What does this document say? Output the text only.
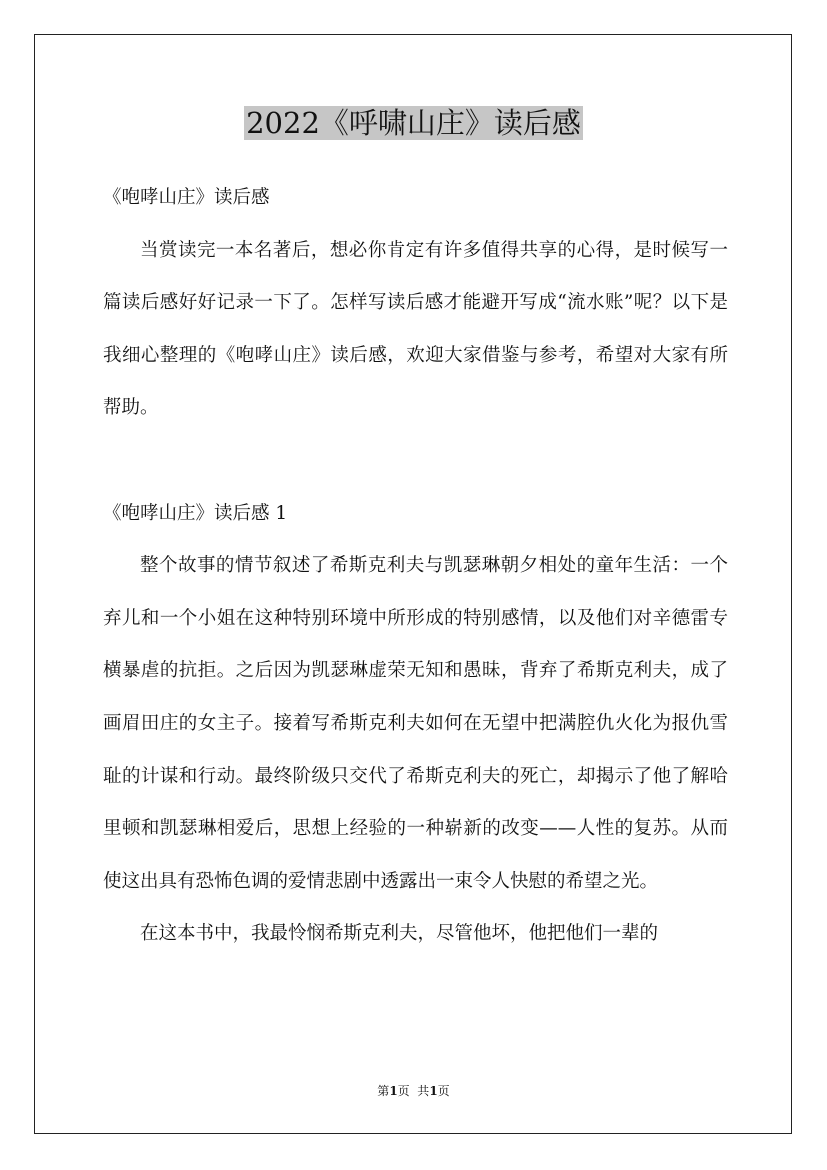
2022《呼啸山庄》读后感

《咆哮山庄》读后感

当赏读完一本名著后，想必你肯定有许多值得共享的心得，是时候写一篇读后感好好记录一下了。怎样写读后感才能避开写成“流水账”呢？以下是我细心整理的《咆哮山庄》读后感，欢迎大家借鉴与参考，希望对大家有所帮助。

《咆哮山庄》读后感 1

整个故事的情节叙述了希斯克利夫与凯瑟琳朝夕相处的童年生活：一个弃儿和一个小姐在这种特别环境中所形成的特别感情，以及他们对辛德雷专横暴虐的抗拒。之后因为凯瑟琳虚荣无知和愚昧，背弃了希斯克利夫，成了画眉田庄的女主子。接着写希斯克利夫如何在无望中把满腔仇火化为报仇雪耻的计谋和行动。最终阶级只交代了希斯克利夫的死亡，却揭示了他了解哈里顿和凯瑟琳相爱后，思想上经验的一种崭新的改变——人性的复苏。从而使这出具有恐怖色调的爱情悲剧中透露出一束令人快慰的希望之光。

在这本书中，我最怜悯希斯克利夫，尽管他坏，他把他们一辈的

第1页  共1页
